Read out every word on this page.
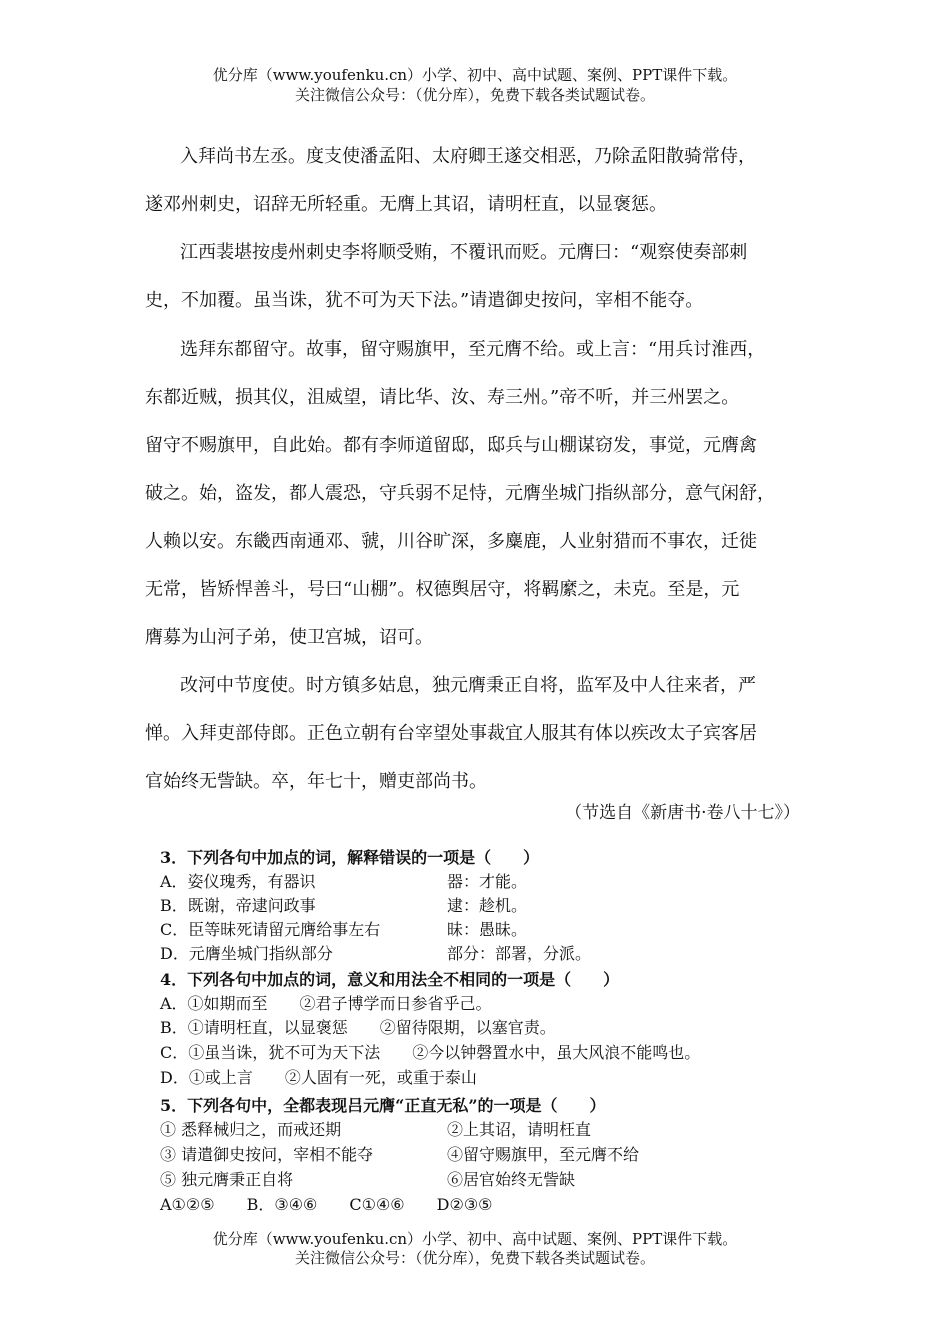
优分库（www.youfenku.cn）小学、初中、高中试题、案例、PPT课件下载。
关注微信公众号：（优分库），免费下载各类试题试卷。
入拜尚书左丞。度支使潘孟阳、太府卿王遂交相恶，乃除孟阳散骑常侍，
遂邓州刺史，诏辞无所轻重。无膺上其诏，请明枉直，以显褒惩。
江西裴堪按虔州刺史李将顺受贿，不覆讯而贬。元膺曰：“观察使奏部刺
史，不加覆。虽当诛，犹不可为天下法。”请遣御史按问，宰相不能夺。
选拜东都留守。故事，留守赐旗甲，至元膺不给。或上言：“用兵讨淮西，
东都近贼，损其仪，沮威望，请比华、汝、寿三州。”帝不听，并三州罢之。
留守不赐旗甲，自此始。都有李师道留邸，邸兵与山棚谋窃发，事觉，元膺禽
破之。始，盗发，都人震恐，守兵弱不足恃，元膺坐城门指纵部分，意气闲舒，
人赖以安。东畿西南通邓、虢，川谷旷深，多麋鹿，人业射猎而不事农，迁徙
无常，皆矫悍善斗，号曰“山棚”。权德舆居守，将羁縻之，未克。至是，元
膺募为山河子弟，使卫宫城，诏可。
改河中节度使。时方镇多姑息，独元膺秉正自将，监军及中人往来者，严
惮。入拜吏部侍郎。正色立朝有台宰望处事裁宜人服其有体以疾改太子宾客居
官始终无訾缺。卒，年七十，赠吏部尚书。
（节选自《新唐书·卷八十七》）
3．下列各句中加点的词，解释错误的一项是（　　）
A．姿仪瑰秀，有器识	器：才能。
B．既谢，帝逮问政事	逮：趁机。
C．臣等昧死请留元膺给事左右	昧：愚昧。
D．元膺坐城门指纵部分	部分：部署，分派。
4．下列各句中加点的词，意义和用法全不相同的一项是（　　）
A．①如期而至　　②君子博学而日参省乎己。
B．①请明枉直，以显褒惩　　②留待限期，以塞官责。
C．①虽当诛，犹不可为天下法　　②今以钟磬置水中，虽大风浪不能鸣也。
D．①或上言　　②人固有一死，或重于泰山
5．下列各句中，全都表现吕元膺“正直无私”的一项是（　　）
① 悉释械归之，而戒还期	②上其诏，请明枉直
③ 请遣御史按问，宰相不能夺	④留守赐旗甲，至元膺不给
⑤ 独元膺秉正自将	⑥居官始终无訾缺
A①②⑤　　B．③④⑥　　C①④⑥　　D②③⑤
优分库（www.youfenku.cn）小学、初中、高中试题、案例、PPT课件下载。
关注微信公众号：（优分库），免费下载各类试题试卷。
